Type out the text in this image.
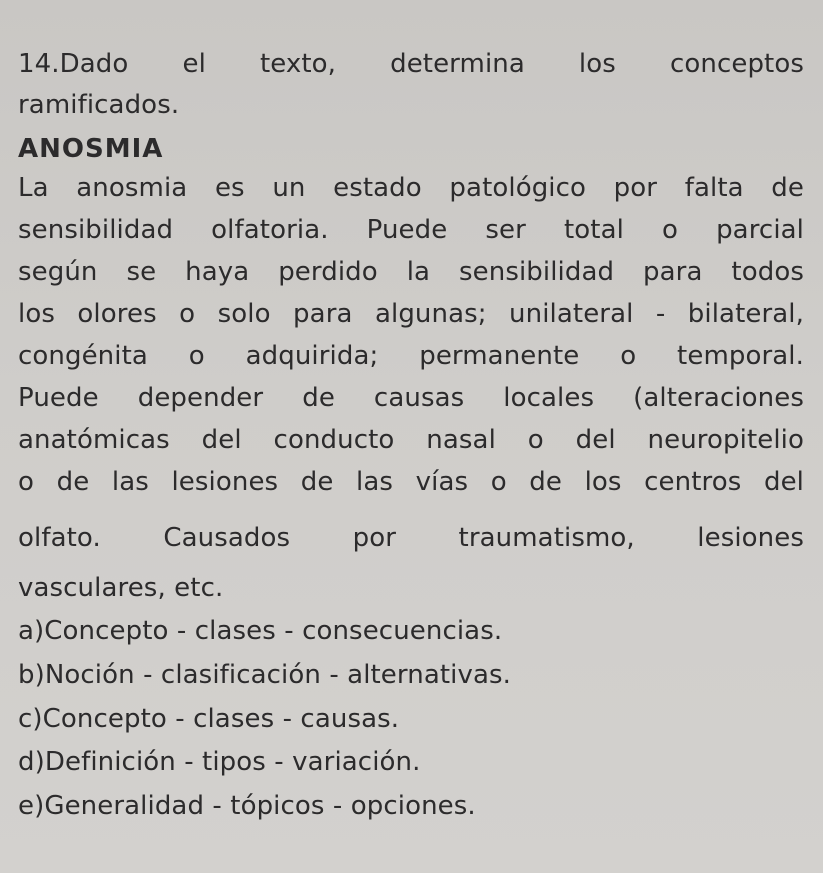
14.Dado el texto, determina los conceptos
ramificados.
ANOSMIA
La anosmia es un estado patológico por falta de
sensibilidad olfatoria. Puede ser total o parcial
según se haya perdido la sensibilidad para todos
los olores o solo para algunas; unilateral - bilateral,
congénita o adquirida; permanente o temporal.
Puede depender de causas locales (alteraciones
anatómicas del conducto nasal o del neuropitelio
o de las lesiones de las vías o de los centros del
olfato. Causados por traumatismo, lesiones
vasculares, etc.
a)Concepto - clases - consecuencias.
b)Noción - clasificación - alternativas.
c)Concepto - clases - causas.
d)Definición - tipos - variación.
e)Generalidad - tópicos - opciones.
